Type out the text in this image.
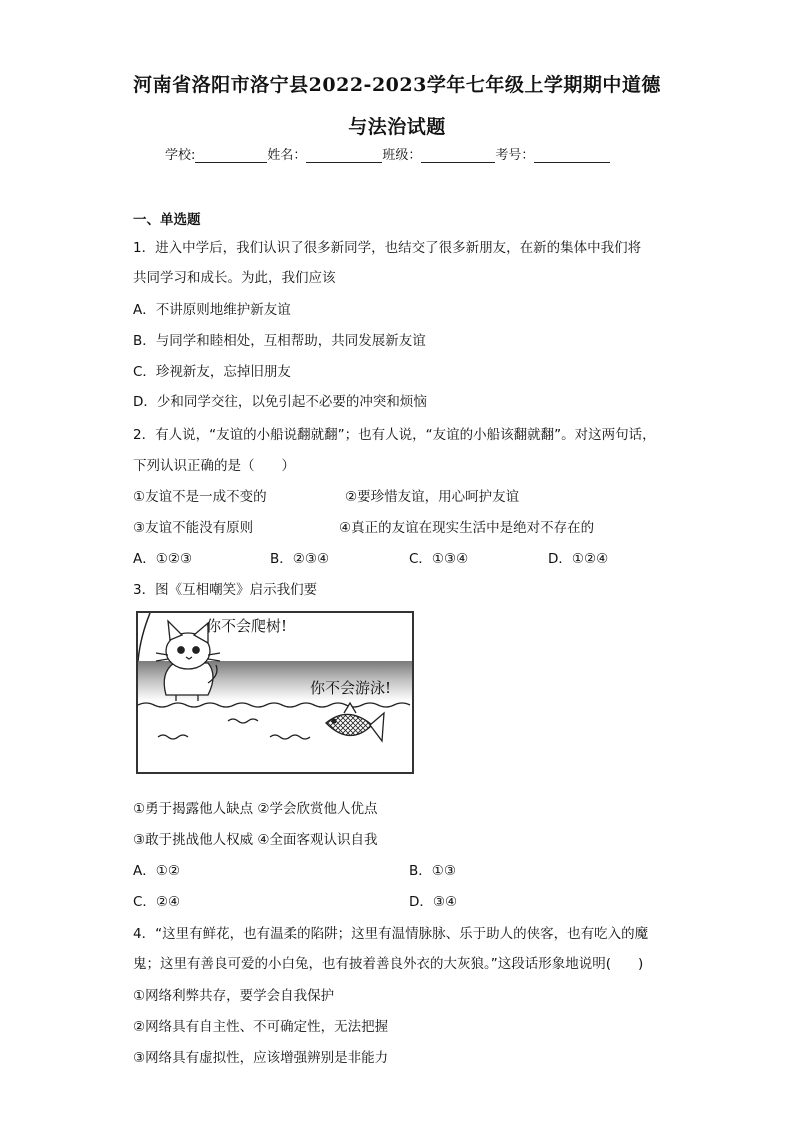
河南省洛阳市洛宁县2022-2023学年七年级上学期期中道德
与法治试题
学校:	姓名：	班级：	考号：
一、单选题
1．进入中学后，我们认识了很多新同学，也结交了很多新朋友，在新的集体中我们将
共同学习和成长。为此，我们应该
A．不讲原则地维护新友谊
B．与同学和睦相处，互相帮助，共同发展新友谊
C．珍视新友，忘掉旧朋友
D．少和同学交往，以免引起不必要的冲突和烦恼
2．有人说，“友谊的小船说翻就翻”；也有人说，“友谊的小船该翻就翻”。对这两句话，
下列认识正确的是（　　）
①友谊不是一成不变的	②要珍惜友谊，用心呵护友谊
③友谊不能没有原则	④真正的友谊在现实生活中是绝对不存在的
A．①②③	B．②③④	C．①③④	D．①②④
3．图《互相嘲笑》启示我们要
你不会爬树!
你不会游泳!
①勇于揭露他人缺点 ②学会欣赏他人优点
③敢于挑战他人权威 ④全面客观认识自我
A．①②	B．①③
C．②④	D．③④
4．“这里有鲜花，也有温柔的陷阱；这里有温情脉脉、乐于助人的侠客，也有吃入的魔
鬼；这里有善良可爱的小白兔，也有披着善良外衣的大灰狼。”这段话形象地说明(　　)
①网络利弊共存，要学会自我保护
②网络具有自主性、不可确定性，无法把握
③网络具有虚拟性，应该增强辨别是非能力
